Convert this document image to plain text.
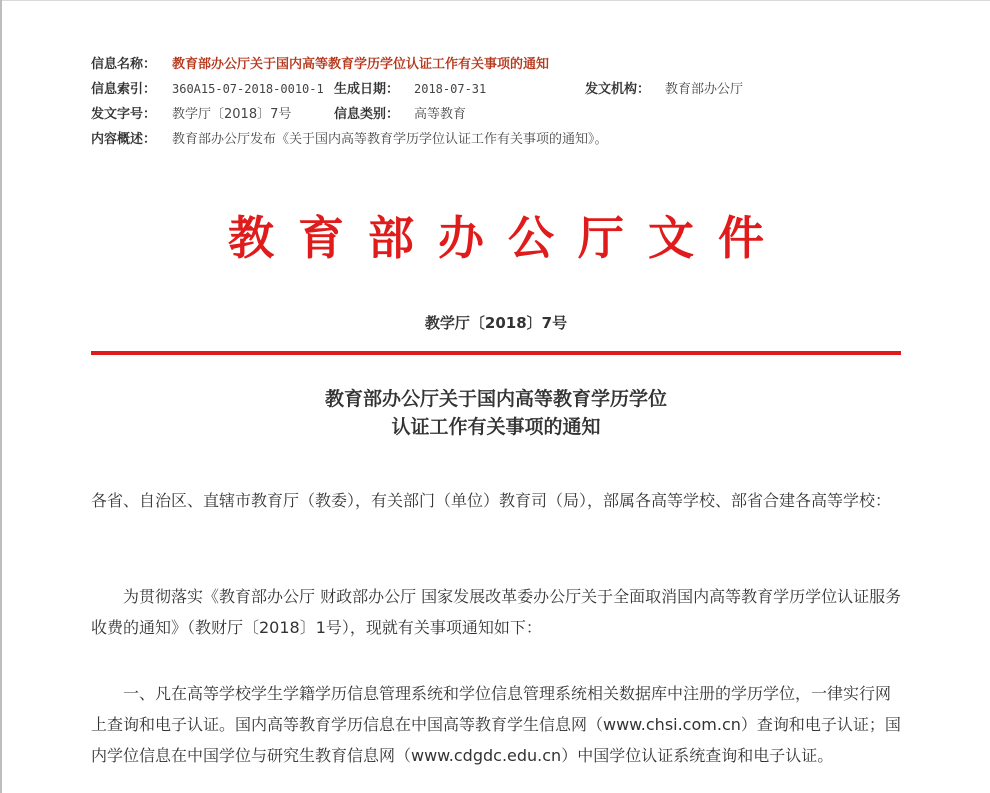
信息名称： 教育部办公厅关于国内高等教育学历学位认证工作有关事项的通知
信息索引： 360A15-07-2018-0010-1 生成日期： 2018-07-31	发文机构： 教育部办公厅
发文字号： 教学厅〔2018〕7号	信息类别： 高等教育
内容概述： 教育部办公厅发布《关于国内高等教育学历学位认证工作有关事项的通知》。
教育部办公厅文件
教学厅〔2018〕7号
教育部办公厅关于国内高等教育学历学位
认证工作有关事项的通知
各省、自治区、直辖市教育厅（教委），有关部门（单位）教育司（局），部属各高等学校、部省合建各高等学校：
为贯彻落实《教育部办公厅 财政部办公厅 国家发展改革委办公厅关于全面取消国内高等教育学历学位认证服务收费的通知》（教财厅〔2018〕1号），现就有关事项通知如下：
一、凡在高等学校学生学籍学历信息管理系统和学位信息管理系统相关数据库中注册的学历学位，一律实行网上查询和电子认证。国内高等教育学历信息在中国高等教育学生信息网（www.chsi.com.cn）查询和电子认证；国内学位信息在中国学位与研究生教育信息网（www.cdgdc.edu.cn）中国学位认证系统查询和电子认证。
